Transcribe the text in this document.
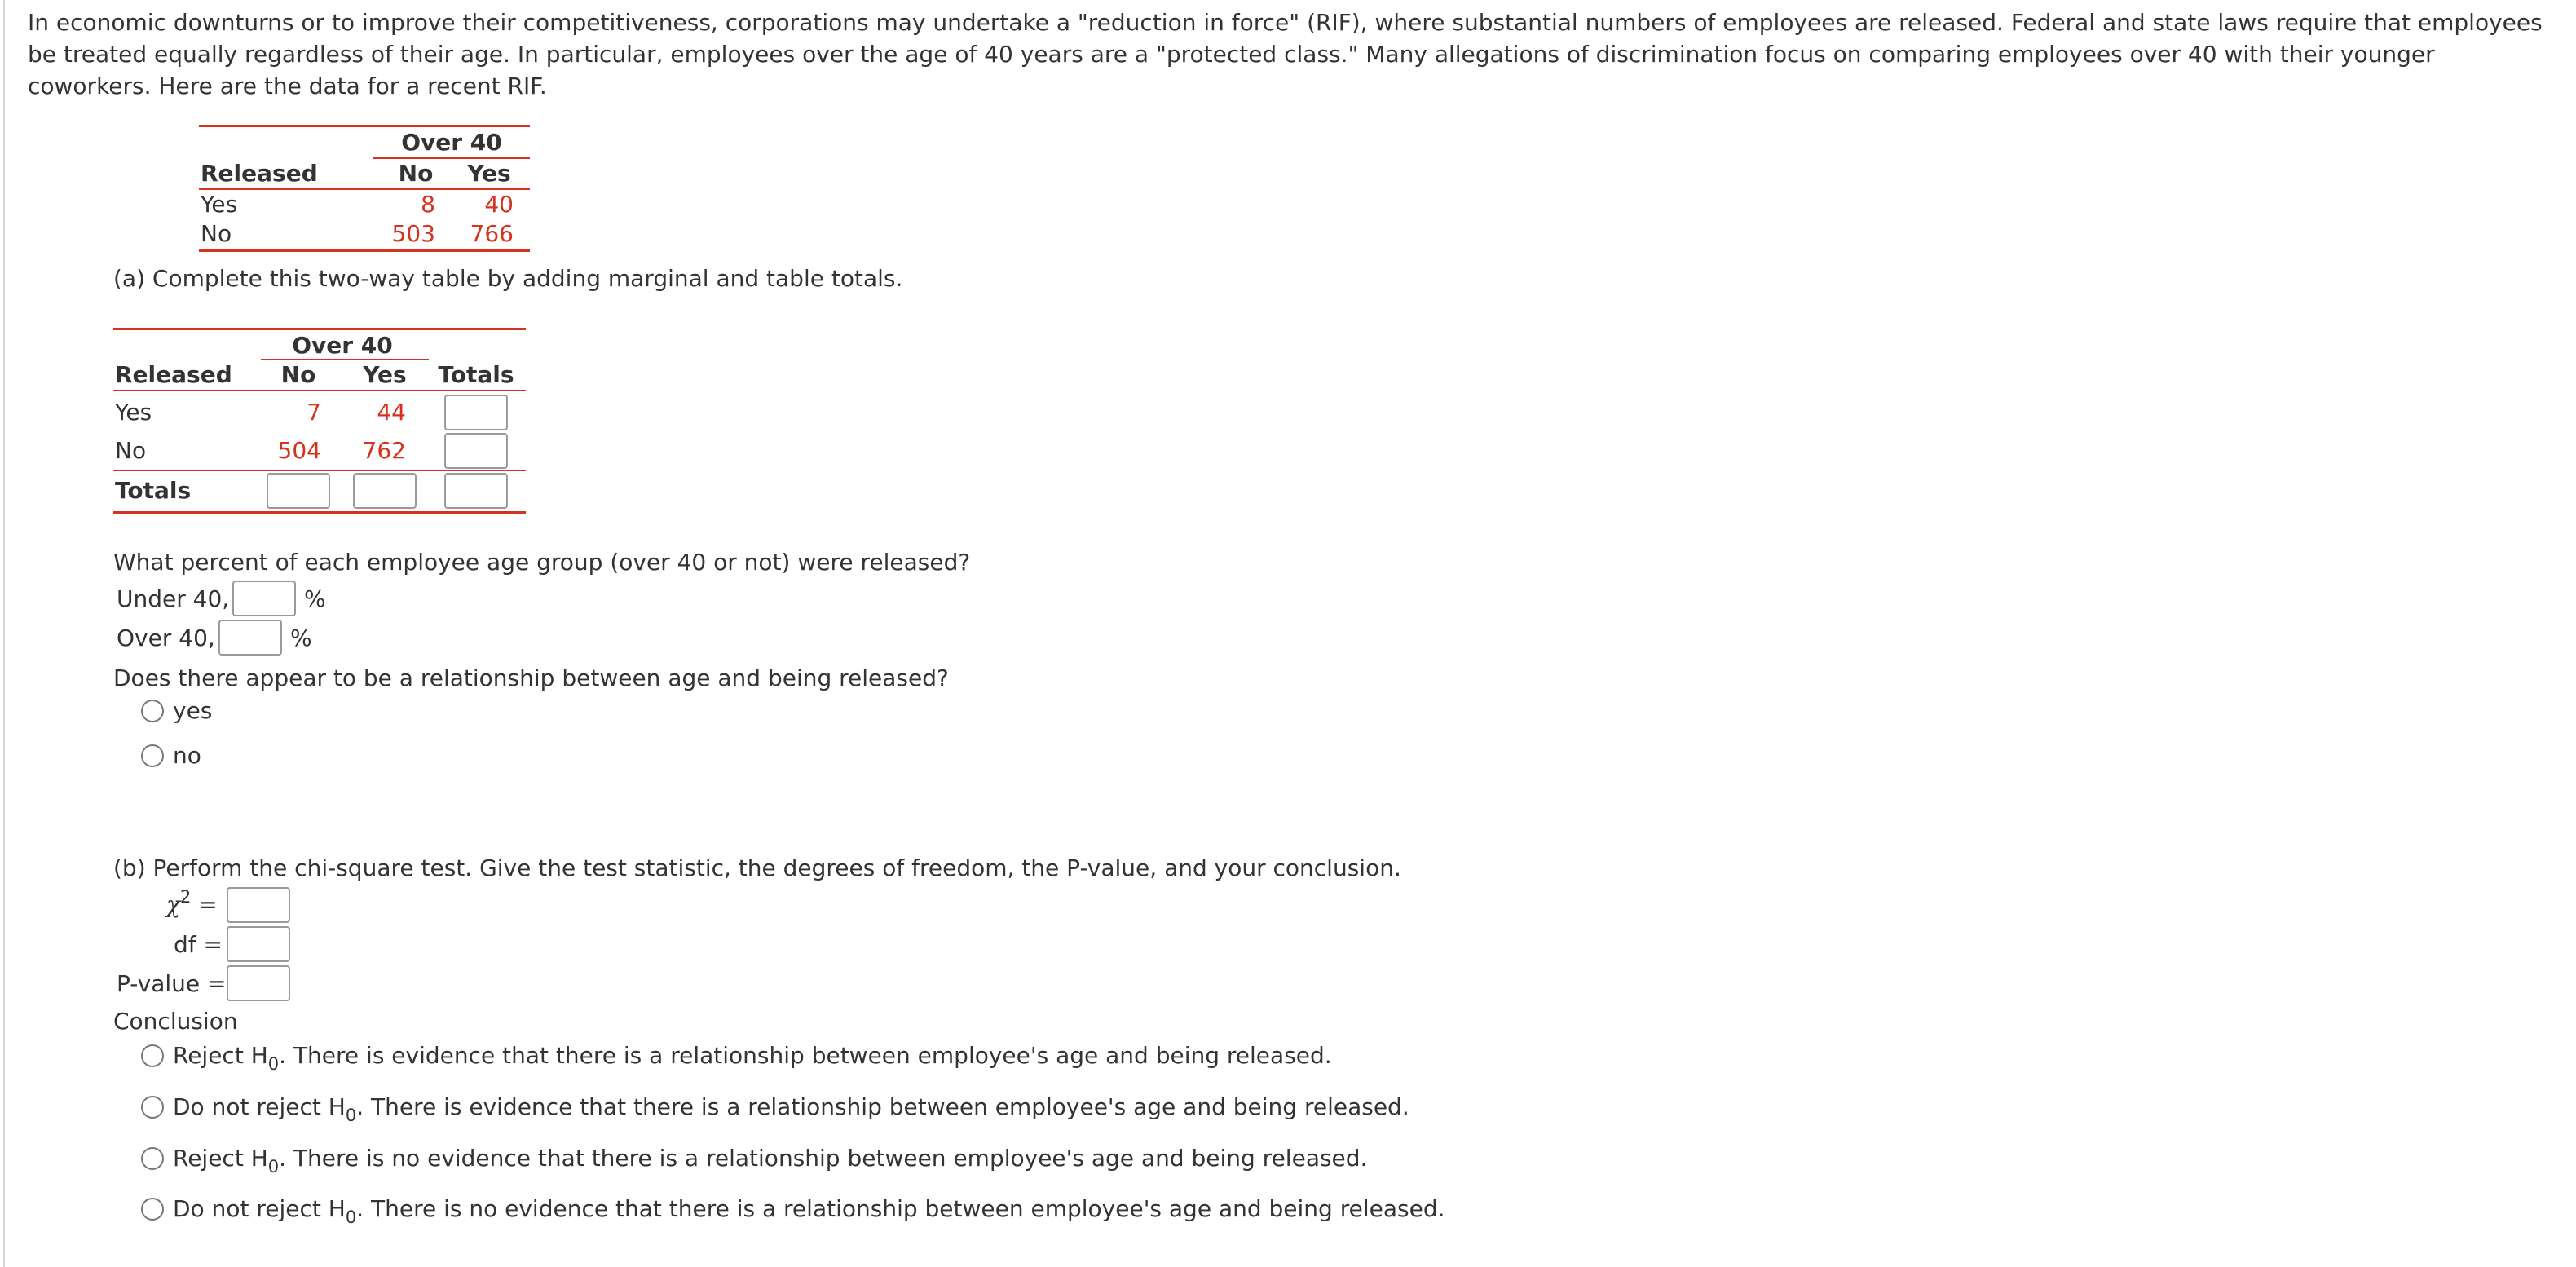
In economic downturns or to improve their competitiveness, corporations may undertake a "reduction in force" (RIF), where substantial numbers of employees are released. Federal and state laws require that employees be treated equally regardless of their age. In particular, employees over the age of 40 years are a "protected class." Many allegations of discrimination focus on comparing employees over 40 with their younger coworkers. Here are the data for a recent RIF.
Over 40
Released	No	Yes
Yes	8	40
No	503	766
(a) Complete this two-way table by adding marginal and table totals.
Over 40
Released	No	Yes	Totals
Yes	7	44
No	504	762
Totals
What percent of each employee age group (over 40 or not) were released?
Under 40,	%
Over 40,	%
Does there appear to be a relationship between age and being released?
yes
no
(b) Perform the chi-square test. Give the test statistic, the degrees of freedom, the P-value, and your conclusion.
$\chi^2$ =
df =
P-value =
Conclusion
Reject $H_0$. There is evidence that there is a relationship between employee's age and being released.
Do not reject $H_0$. There is evidence that there is a relationship between employee's age and being released.
Reject $H_0$. There is no evidence that there is a relationship between employee's age and being released.
Do not reject $H_0$. There is no evidence that there is a relationship between employee's age and being released.
